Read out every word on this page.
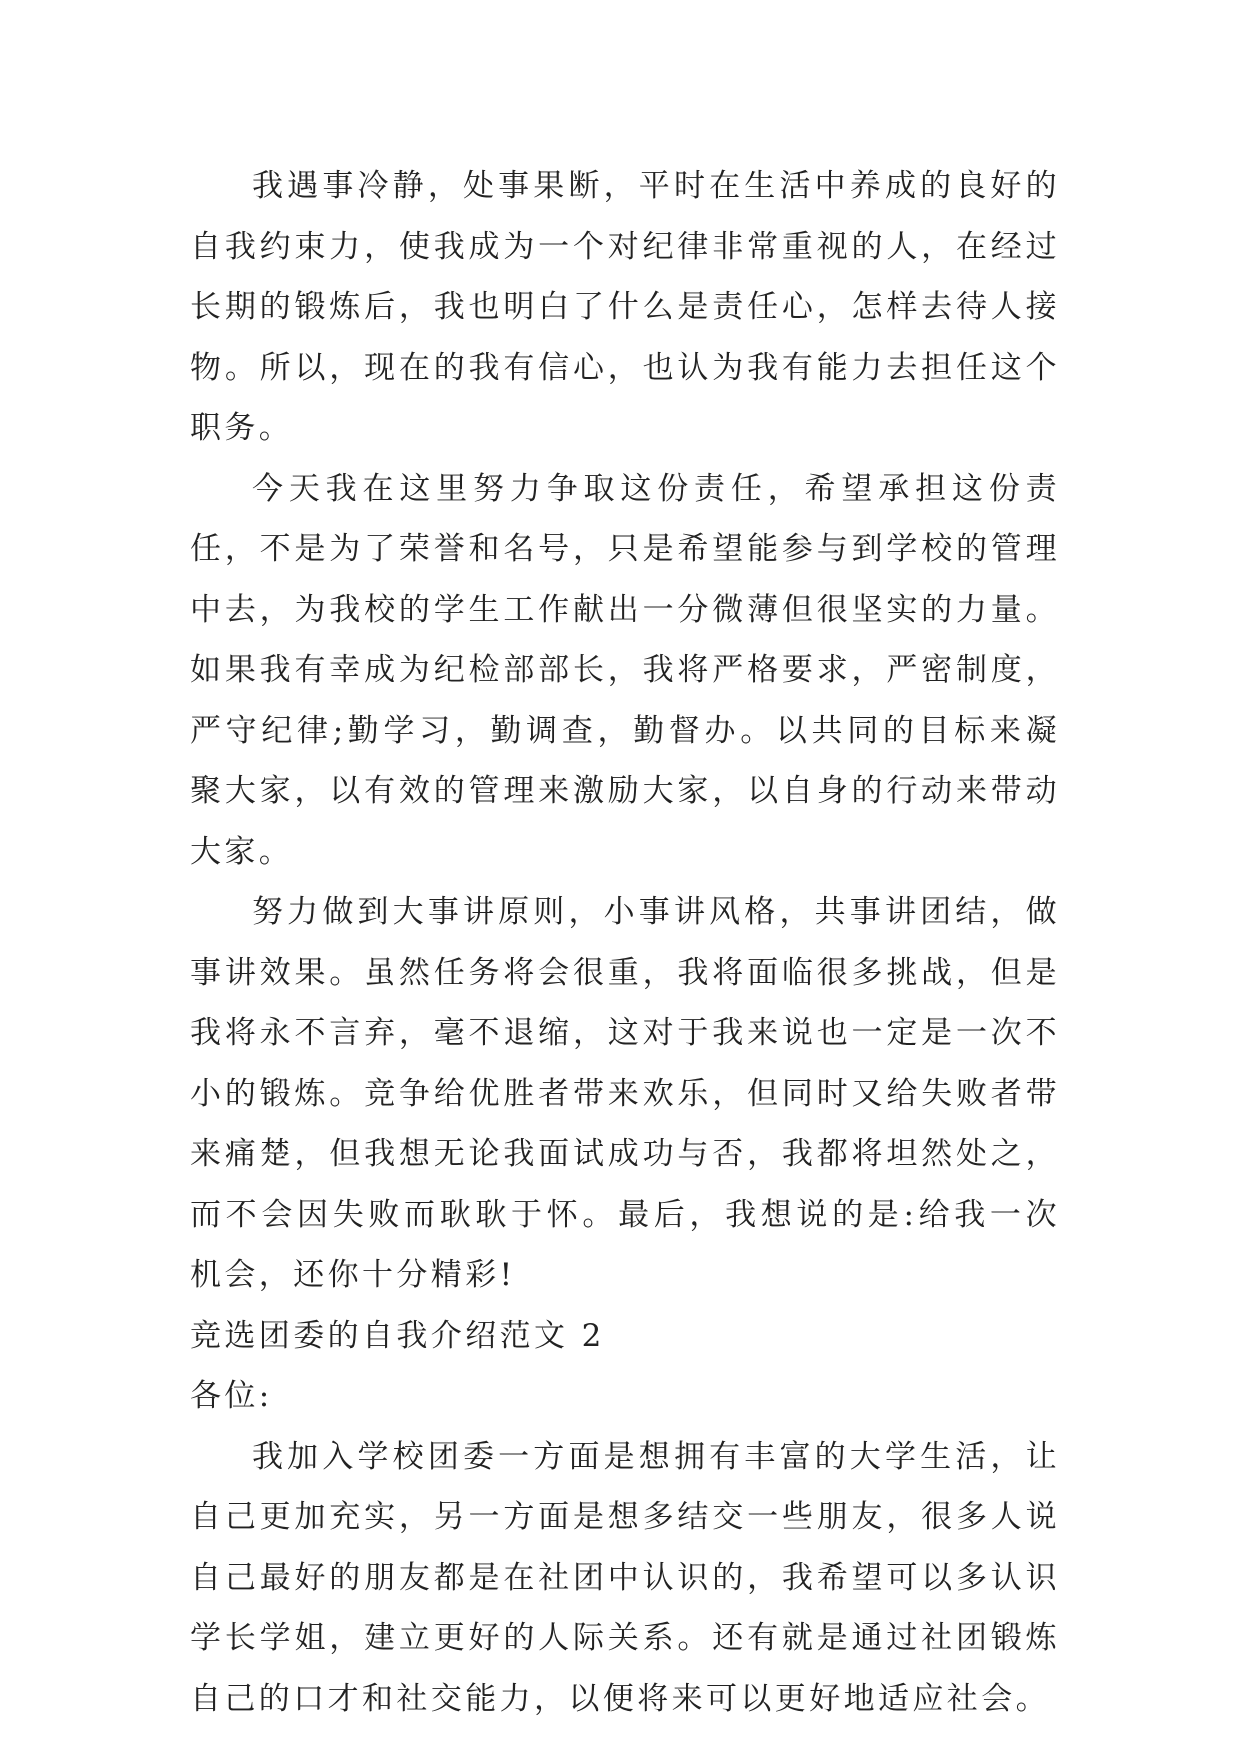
我遇事冷静，处事果断，平时在生活中养成的良好的自我约束力，使我成为一个对纪律非常重视的人，在经过长期的锻炼后，我也明白了什么是责任心，怎样去待人接物。所以，现在的我有信心，也认为我有能力去担任这个职务。

今天我在这里努力争取这份责任，希望承担这份责任，不是为了荣誉和名号，只是希望能参与到学校的管理中去，为我校的学生工作献出一分微薄但很坚实的力量。如果我有幸成为纪检部部长，我将严格要求，严密制度，严守纪律;勤学习，勤调查，勤督办。以共同的目标来凝聚大家，以有效的管理来激励大家，以自身的行动来带动大家。

努力做到大事讲原则，小事讲风格，共事讲团结，做事讲效果。虽然任务将会很重，我将面临很多挑战，但是我将永不言弃，毫不退缩，这对于我来说也一定是一次不小的锻炼。竞争给优胜者带来欢乐，但同时又给失败者带来痛楚，但我想无论我面试成功与否，我都将坦然处之，而不会因失败而耿耿于怀。最后，我想说的是:给我一次机会，还你十分精彩!

竞选团委的自我介绍范文 2

各位:

我加入学校团委一方面是想拥有丰富的大学生活，让自己更加充实，另一方面是想多结交一些朋友，很多人说自己最好的朋友都是在社团中认识的，我希望可以多认识学长学姐，建立更好的人际关系。还有就是通过社团锻炼自己的口才和社交能力，以便将来可以更好地适应社会。
